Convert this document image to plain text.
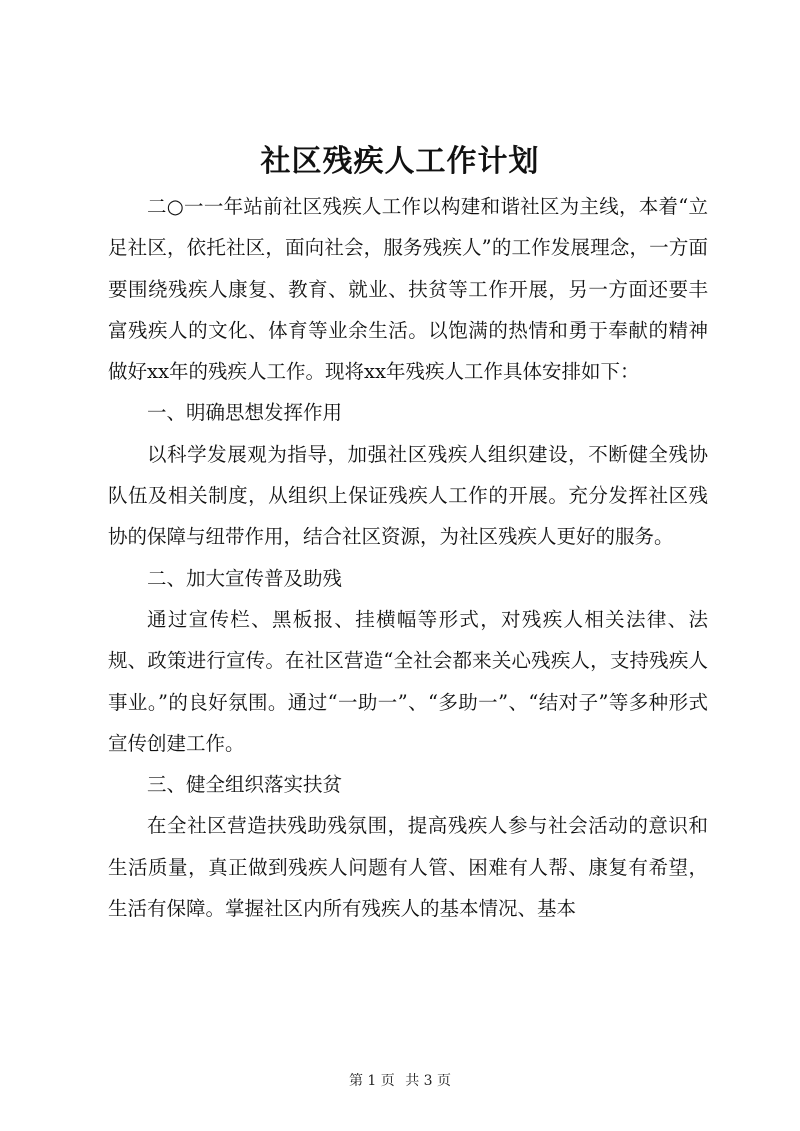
社区残疾人工作计划

二○一一年站前社区残疾人工作以构建和谐社区为主线，本着“立足社区，依托社区，面向社会，服务残疾人”的工作发展理念，一方面要围绕残疾人康复、教育、就业、扶贫等工作开展，另一方面还要丰富残疾人的文化、体育等业余生活。以饱满的热情和勇于奉献的精神做好xx年的残疾人工作。现将xx年残疾人工作具体安排如下：

一、明确思想发挥作用

以科学发展观为指导，加强社区残疾人组织建设，不断健全残协队伍及相关制度，从组织上保证残疾人工作的开展。充分发挥社区残协的保障与纽带作用，结合社区资源，为社区残疾人更好的服务。

二、加大宣传普及助残

通过宣传栏、黑板报、挂横幅等形式，对残疾人相关法律、法规、政策进行宣传。在社区营造“全社会都来关心残疾人，支持残疾人事业。”的良好氛围。通过“一助一”、“多助一”、“结对子”等多种形式宣传创建工作。

三、健全组织落实扶贫

在全社区营造扶残助残氛围，提高残疾人参与社会活动的意识和生活质量，真正做到残疾人问题有人管、困难有人帮、康复有希望，生活有保障。掌握社区内所有残疾人的基本情况、基本

第 1 页 共 3 页
